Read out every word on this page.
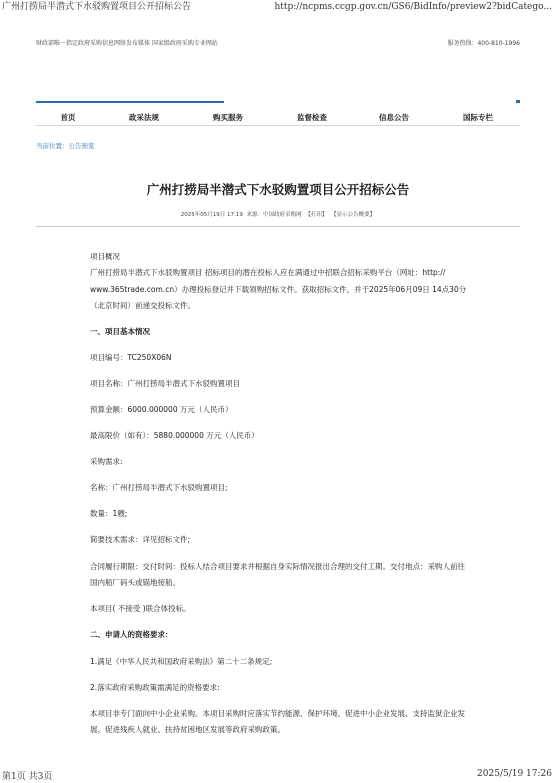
广州打捞局半潜式下水驳购置项目公开招标公告	http://ncpms.ccgp.gov.cn/GS6/BidInfo/preview2?bidCatego...
财政部唯一指定政府采购信息网络发布媒体 国家级政府采购专业网站	服务热线：400-810-1996
首页	政采法规	购买服务	监督检查	信息公告	国际专栏
当前位置：公告预览
广州打捞局半潜式下水驳购置项目公开招标公告
2025年05月19日 17:19 来源：中国政府采购网 【打印】 【显示公告概要】
项目概况
广州打捞局半潜式下水驳购置项目 招标项目的潜在投标人应在满通过中招联合招标采购平台（网址：http://
www.365trade.com.cn）办理投标登记并下载领购招标文件。获取招标文件，并于2025年06月09日 14点30分
（北京时间）前递交投标文件。
一、项目基本情况
项目编号：TC250X06N
项目名称：广州打捞局半潜式下水驳购置项目
预算金额：6000.000000 万元（人民币）
最高限价（如有）：5880.000000 万元（人民币）
采购需求:
名称：广州打捞局半潜式下水驳购置项目;
数量：1艘;
简要技术需求：详见招标文件;
合同履行期限：交付时间：投标人结合项目要求并根据自身实际情况报出合理的交付工期。交付地点：采购人前往
国内船厂码头或锚地接船。
本项目( 不接受 )联合体投标。
二、申请人的资格要求：
1.满足《中华人民共和国政府采购法》第二十二条规定;
2.落实政府采购政策需满足的资格要求:
本项目非专门面向中小企业采购。本项目采购时应落实节约能源、保护环境、促进中小企业发展、支持监狱企业发
展、促进残疾人就业、扶持贫困地区发展等政府采购政策。
第1页 共3页	2025/5/19 17:26
